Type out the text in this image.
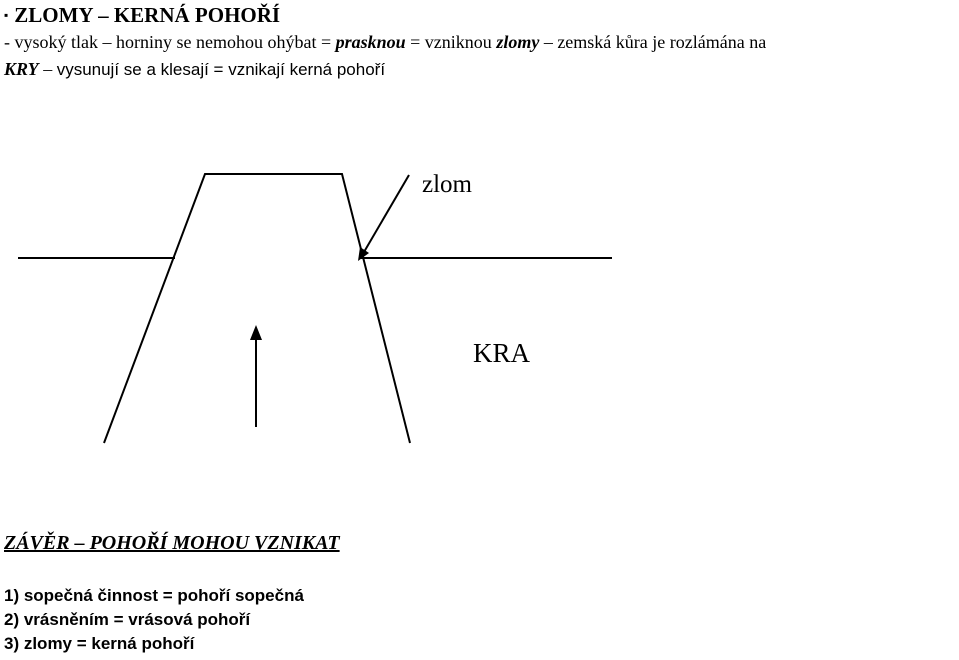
▪ ZLOMY – KERNÁ POHOŘÍ
- vysoký tlak – horniny se nemohou ohýbat = prasknou = vzniknou zlomy – zemská kůra je rozlámána na
KRY – vysunují se a klesají = vznikají kerná pohoří
zlom
KRA
ZÁVĚR – POHOŘÍ MOHOU VZNIKAT
1) sopečná činnost = pohoří sopečná
2) vrásněním = vrásová pohoří
3) zlomy = kerná pohoří
